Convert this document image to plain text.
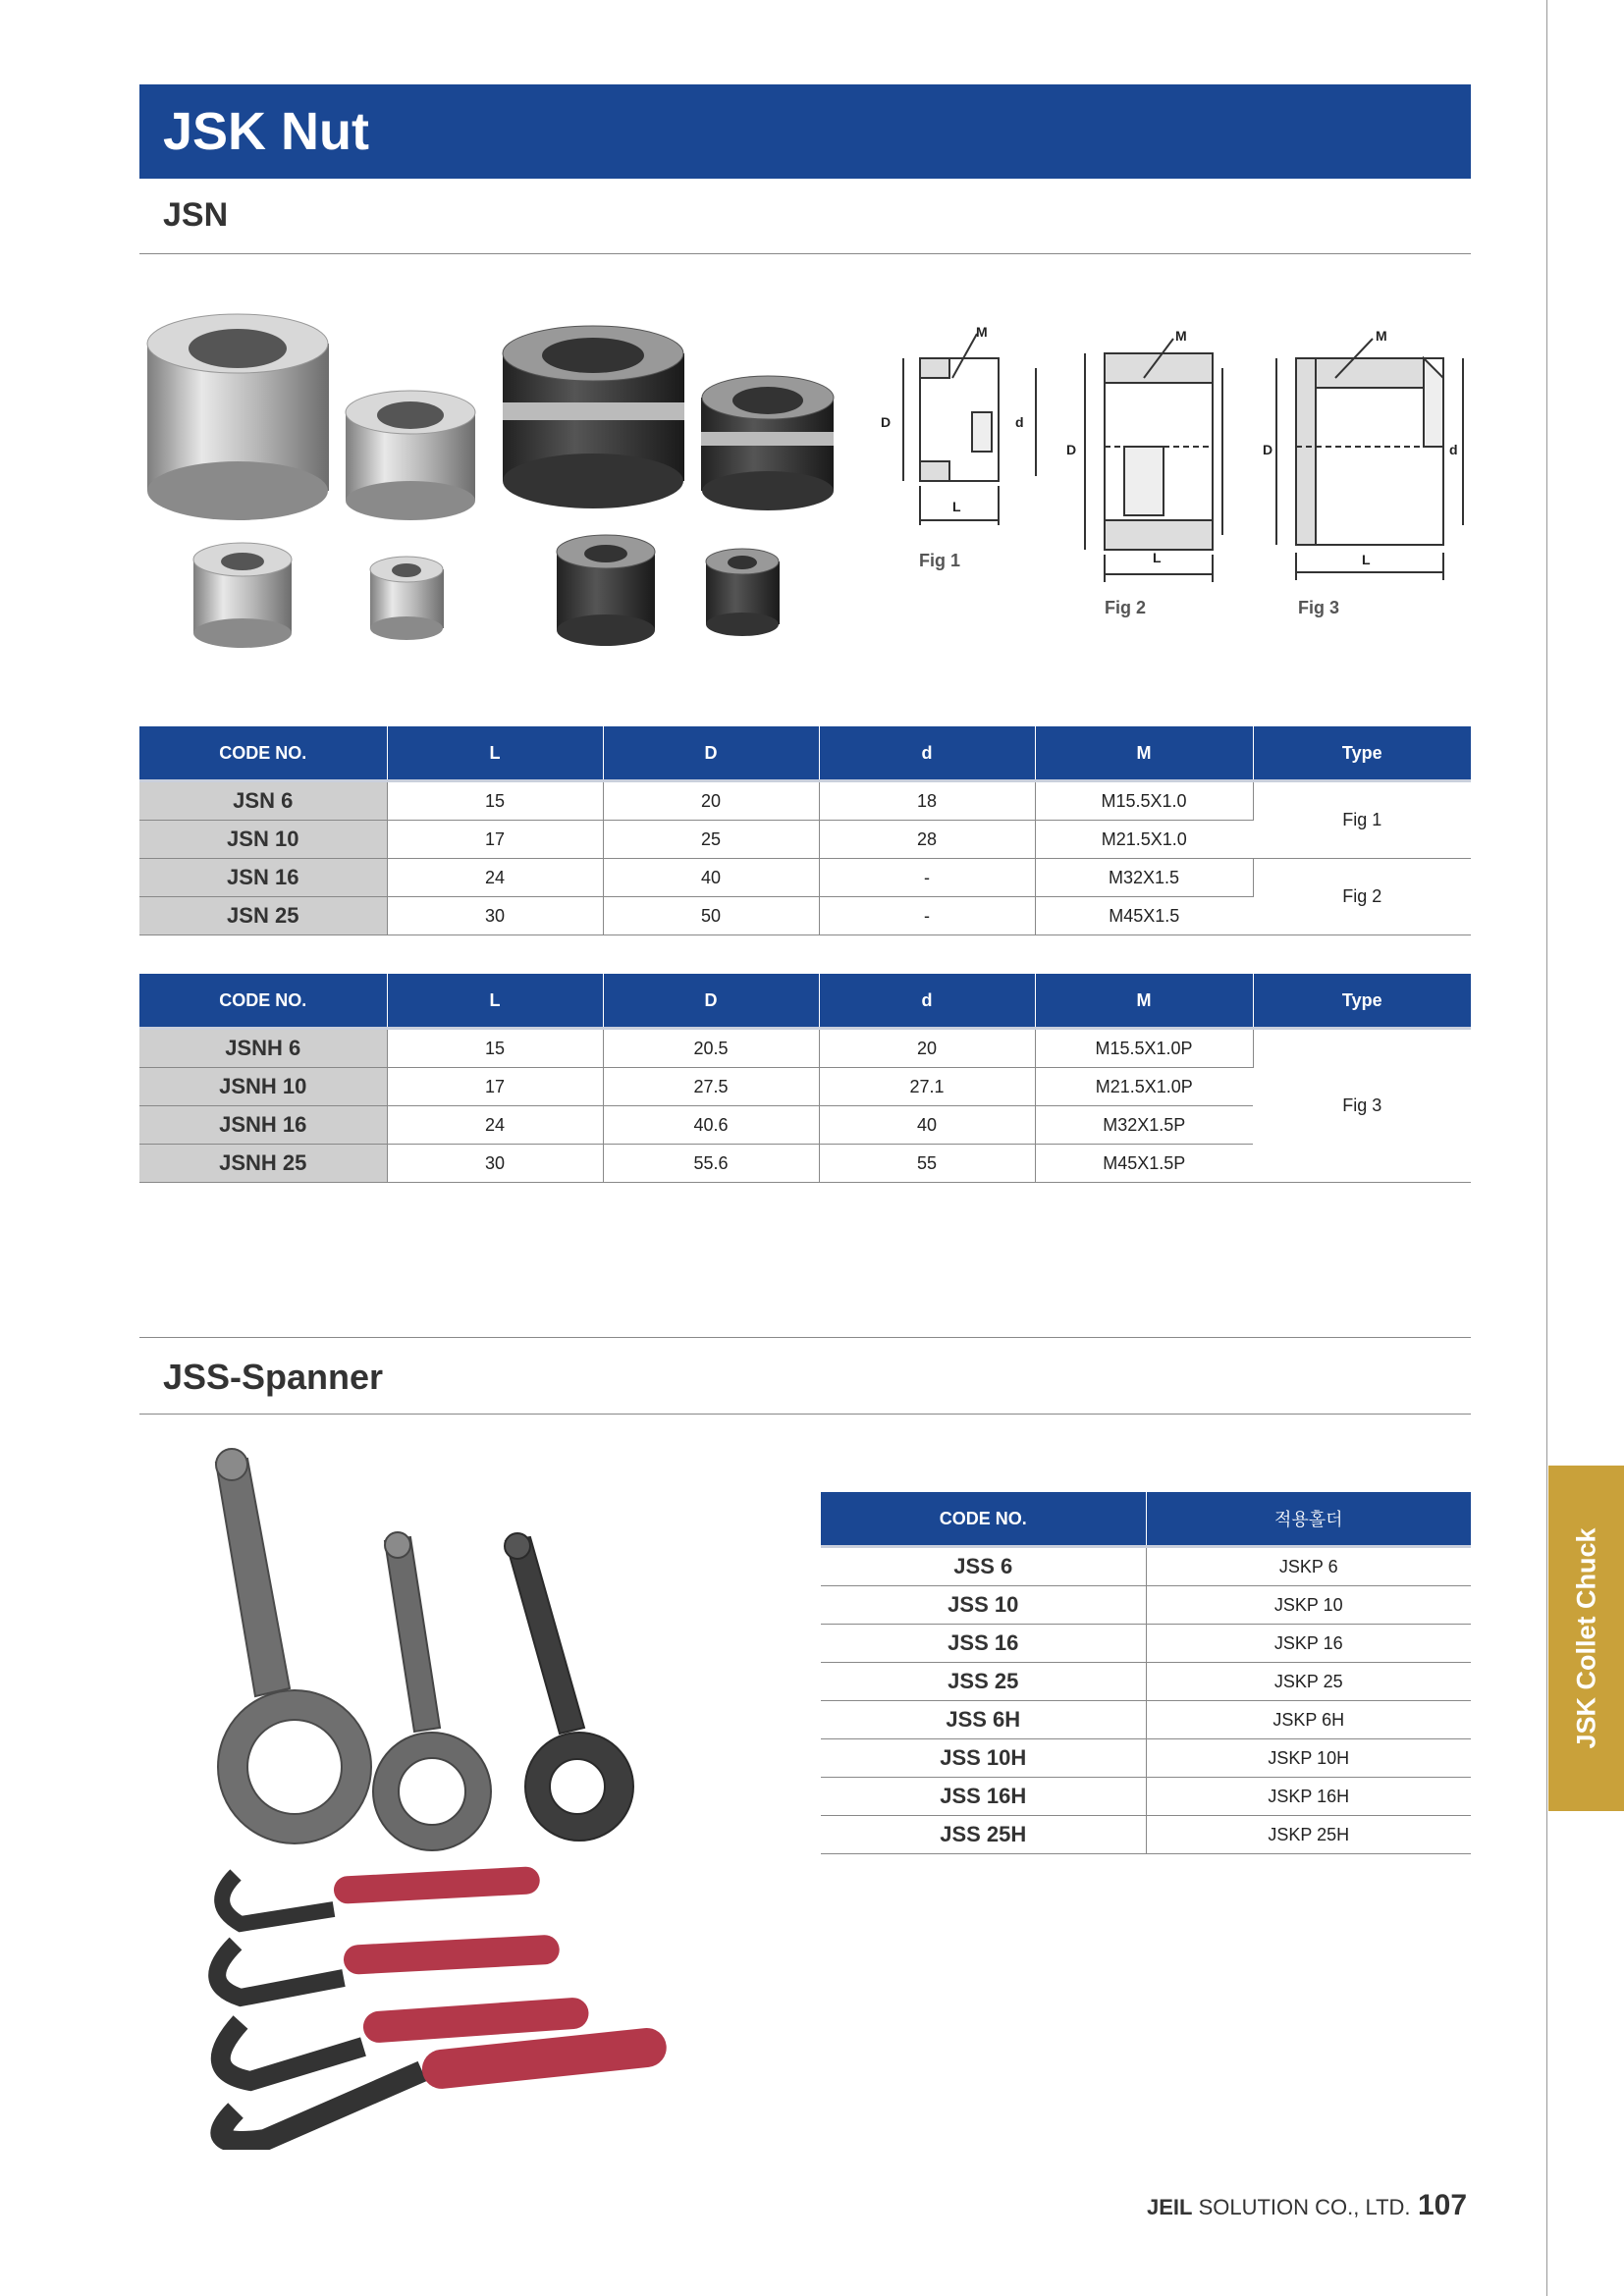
JSK Nut
JSN
M
D	d
L
Fig 1
M
D
L
Fig 2
M
D	d
L
Fig 3
CODE NO.	L	D	d	M	Type
JSN 6	15	20	18	M15.5X1.0	Fig 1
JSN 10	17	25	28	M21.5X1.0	
JSN 16	24	40	-	M32X1.5	Fig 2
JSN 25	30	50	-	M45X1.5	
CODE NO.	L	D	d	M	Type
JSNH 6	15	20.5	20	M15.5X1.0P	Fig 3
JSNH 10	17	27.5	27.1	M21.5X1.0P	
JSNH 16	24	40.6	40	M32X1.5P	
JSNH 25	30	55.6	55	M45X1.5P	
JSS-Spanner
CODE NO.	적용홀더
JSS 6	JSKP 6
JSS 10	JSKP 10
JSS 16	JSKP 16
JSS 25	JSKP 25
JSS 6H	JSKP 6H
JSS 10H	JSKP 10H
JSS 16H	JSKP 16H
JSS 25H	JSKP 25H
JSK Collet Chuck
JEIL SOLUTION CO., LTD. 107
